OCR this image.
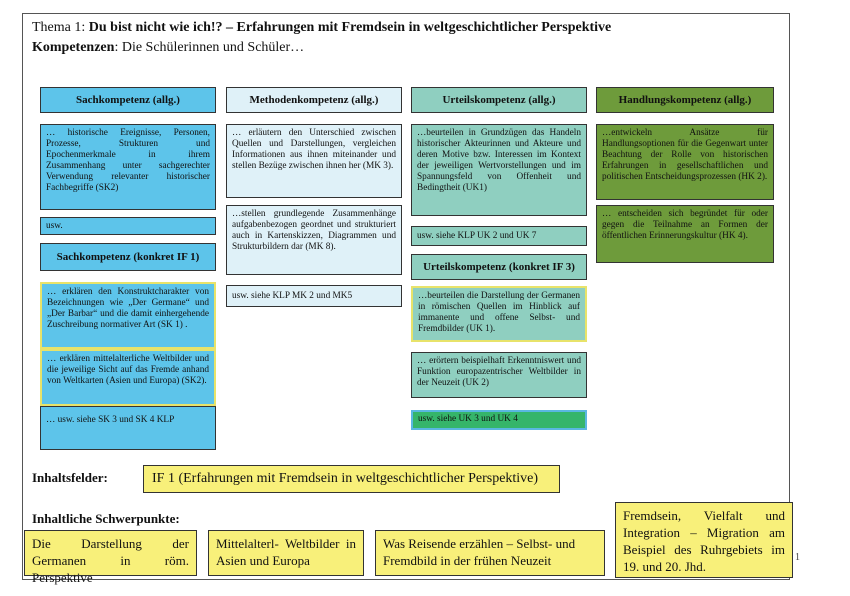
Thema 1: Du bist nicht wie ich!? – Erfahrungen mit Fremdsein in weltgeschichtlicher Perspektive
Kompetenzen: Die Schülerinnen und Schüler…
Sachkompetenz (allg.)
… historische Ereignisse, Personen, Prozesse, Strukturen und Epochenmerkmale in ihrem Zusammenhang unter sachgerechter Verwendung relevanter historischer Fachbegriffe (SK2)
usw.
Sachkompetenz (konkret IF 1)
… erklären den Konstruktcharakter von Bezeichnungen wie „Der Germane“ und „Der Barbar“ und die damit einhergehende Zuschreibung normativer Art (SK 1) .
… erklären mittelalterliche Weltbilder und die jeweilige Sicht auf das Fremde anhand von Weltkarten (Asien und Europa) (SK2).
… usw. siehe SK 3 und SK 4 KLP
Methodenkompetenz (allg.)
… erläutern den Unterschied zwischen Quellen und Darstellungen, vergleichen Informationen aus ihnen miteinander und stellen Bezüge zwischen ihnen her (MK 3).
…stellen grundlegende Zusammenhänge aufgabenbezogen geordnet und strukturiert auch in Kartenskizzen, Diagrammen und Strukturbildern dar (MK 8).
usw. siehe KLP MK 2 und MK5
Urteilskompetenz (allg.)
…beurteilen in Grundzügen das Handeln historischer Akteurinnen und Akteure und deren Motive bzw. Interessen im Kontext der jeweiligen Wertvorstellungen und im Spannungsfeld von Offenheit und Bedingtheit (UK1)
usw. siehe KLP UK 2 und UK 7
Urteilskompetenz (konkret IF 3)
…beurteilen die Darstellung der Germanen in römischen Quellen im Hinblick auf immanente und offene Selbst- und Fremdbilder (UK 1).
… erörtern beispielhaft Erkenntniswert und Funktion europazentrischer Weltbilder in der Neuzeit (UK 2)
usw. siehe UK 3 und UK 4
Handlungskompetenz (allg.)
…entwickeln Ansätze für Handlungsoptionen für die Gegenwart unter Beachtung der Rolle von historischen Erfahrungen in gesellschaftlichen und politischen Entscheidungsprozessen (HK 2).
… entscheiden sich begründet für oder gegen die Teilnahme an Formen der öffentlichen Erinnerungskultur (HK 4).
Inhaltsfelder:	IF 1 (Erfahrungen mit Fremdsein in weltgeschichtlicher Perspektive)
Inhaltliche Schwerpunkte:
Die Darstellung der Germanen in röm. Perspektive
Mittelalterl- Weltbilder in Asien und Europa
Was Reisende erzählen – Selbst- und Fremdbild in der frühen Neuzeit
Fremdsein, Vielfalt und Integration – Migration am Beispiel des Ruhrgebiets im 19. und 20. Jhd.
1
